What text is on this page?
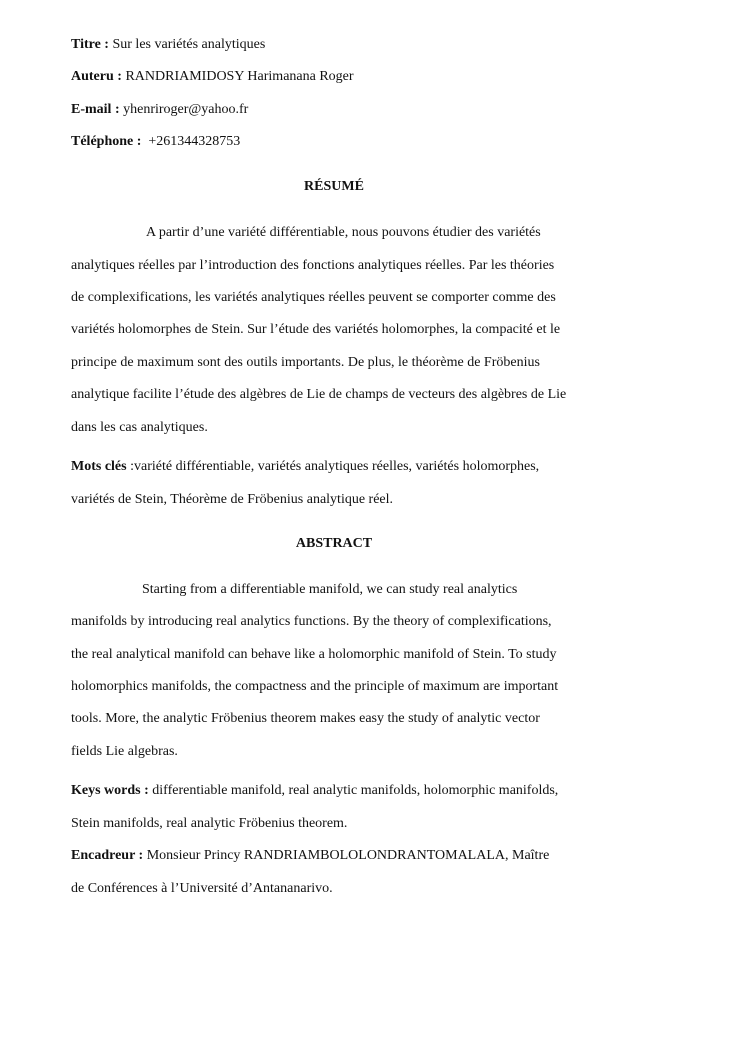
Titre : Sur les variétés analytiques
Auteru : RANDRIAMIDOSY Harimanana Roger
E-mail : yhenriroger@yahoo.fr
Téléphone :  +261344328753
RÉSUMÉ
A partir d’une variété différentiable, nous pouvons étudier des variétés
analytiques réelles par l’introduction des fonctions analytiques réelles. Par les théories
de complexifications, les variétés analytiques réelles peuvent se comporter comme des
variétés holomorphes de Stein. Sur l’étude des variétés holomorphes, la compacité et le
principe de maximum sont des outils importants. De plus, le théorème de Fröbenius
analytique facilite l’étude des algèbres de Lie de champs de vecteurs des algèbres de Lie
dans les cas analytiques.
Mots clés :variété différentiable, variétés analytiques réelles, variétés holomorphes,
variétés de Stein, Théorème de Fröbenius analytique réel.
ABSTRACT
Starting from a differentiable manifold, we can study real analytics
manifolds by introducing real analytics functions. By the theory of complexifications,
the real analytical manifold can behave like a holomorphic manifold of Stein. To study
holomorphics manifolds, the compactness and the principle of maximum are important
tools. More, the analytic Fröbenius theorem makes easy the study of analytic vector
fields Lie algebras.
Keys words : differentiable manifold, real analytic manifolds, holomorphic manifolds,
Stein manifolds, real analytic Fröbenius theorem.
Encadreur : Monsieur Princy RANDRIAMBOLOLONDRANTOMALALA, Maître
de Conférences à l’Université d’Antananarivo.
